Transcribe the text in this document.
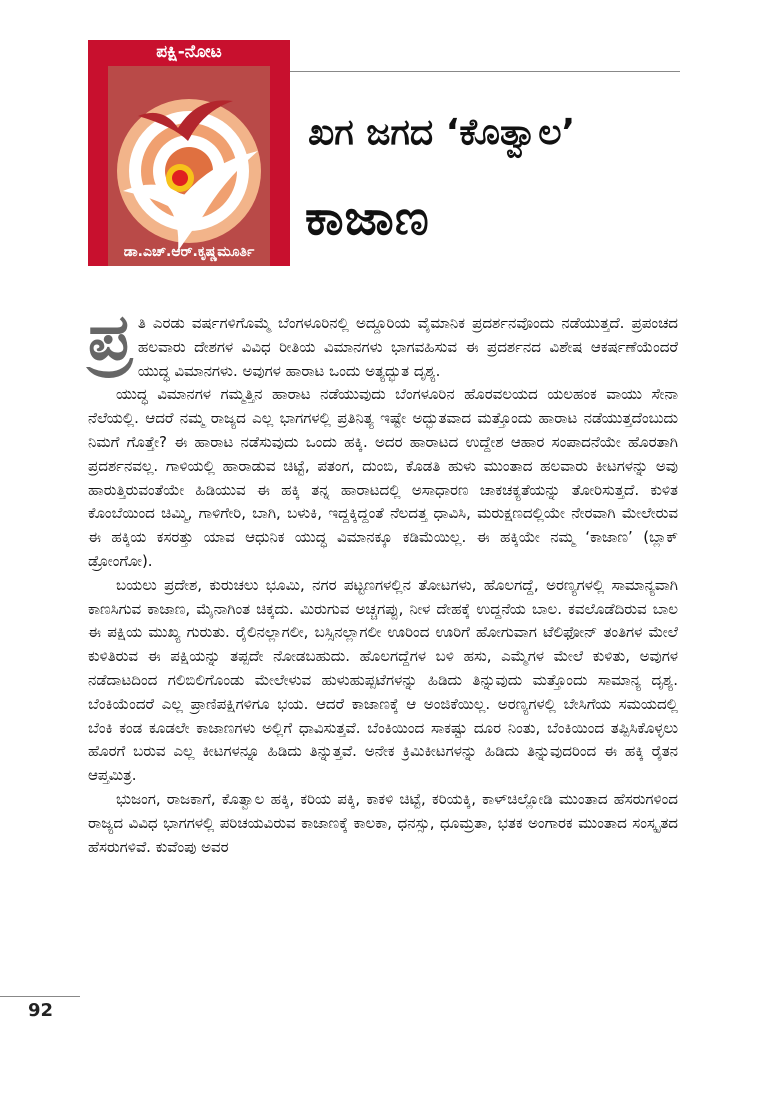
ಪಕ್ಷಿ-ನೋಟ
ಡಾ.ಎಚ್.ಆರ್.ಕೃಷ್ಣಮೂರ್ತಿ
ಖಗ ಜಗದ ‘ಕೊತ್ವಾಲ’
ಕಾಜಾಣ

ಪ್ರ ತಿ ಎರಡು ವರ್ಷಗಳಿಗೊಮ್ಮೆ ಬೆಂಗಳೂರಿನಲ್ಲಿ ಅದ್ದೂರಿಯ ವೈಮಾನಿಕ ಪ್ರದರ್ಶನವೊಂದು ನಡೆಯುತ್ತದೆ. ಪ್ರಪಂಚದ ಹಲವಾರು ದೇಶಗಳ ವಿವಿಧ ರೀತಿಯ ವಿಮಾನಗಳು ಭಾಗವಹಿಸುವ ಈ ಪ್ರದರ್ಶನದ ವಿಶೇಷ ಆಕರ್ಷಣೆಯೆಂದರೆ ಯುದ್ಧ ವಿಮಾನಗಳು. ಅವುಗಳ ಹಾರಾಟ ಒಂದು ಅತ್ಯದ್ಭುತ ದೃಶ್ಯ.

ಯುದ್ಧ ವಿಮಾನಗಳ ಗಮ್ಮತ್ತಿನ ಹಾರಾಟ ನಡೆಯುವುದು ಬೆಂಗಳೂರಿನ ಹೊರವಲಯದ ಯಲಹಂಕ ವಾಯು ಸೇನಾ ನೆಲೆಯಲ್ಲಿ. ಆದರೆ ನಮ್ಮ ರಾಜ್ಯದ ಎಲ್ಲ ಭಾಗಗಳಲ್ಲಿ ಪ್ರತಿನಿತ್ಯ ಇಷ್ಟೇ ಅದ್ಭುತವಾದ ಮತ್ತೊಂದು ಹಾರಾಟ ನಡೆಯುತ್ತದೆಂಬುದು ನಿಮಗೆ ಗೊತ್ತೇ? ಈ ಹಾರಾಟ ನಡೆಸುವುದು ಒಂದು ಹಕ್ಕಿ. ಅದರ ಹಾರಾಟದ ಉದ್ದೇಶ ಆಹಾರ ಸಂಪಾದನೆಯೇ ಹೊರತಾಗಿ ಪ್ರದರ್ಶನವಲ್ಲ. ಗಾಳಿಯಲ್ಲಿ ಹಾರಾಡುವ ಚಿಟ್ಟೆ, ಪತಂಗ, ದುಂಬಿ, ಕೊಡತಿ ಹುಳು ಮುಂತಾದ ಹಲವಾರು ಕೀಟಗಳನ್ನು ಅವು ಹಾರುತ್ತಿರುವಂತೆಯೇ ಹಿಡಿಯುವ ಈ ಹಕ್ಕಿ ತನ್ನ ಹಾರಾಟದಲ್ಲಿ ಅಸಾಧಾರಣ ಚಾಕಚಕ್ಯತೆಯನ್ನು ತೋರಿಸುತ್ತದೆ. ಕುಳಿತ ಕೊಂಬೆಯಿಂದ ಚಿಮ್ಮಿ, ಗಾಳಿಗೇರಿ, ಬಾಗಿ, ಬಳುಕಿ, ಇದ್ದಕ್ಕಿದ್ದಂತೆ ನೆಲದತ್ತ ಧಾವಿಸಿ, ಮರುಕ್ಷಣದಲ್ಲಿಯೇ ನೇರವಾಗಿ ಮೇಲೇರುವ ಈ ಹಕ್ಕಿಯ ಕಸರತ್ತು ಯಾವ ಆಧುನಿಕ ಯುದ್ಧ ವಿಮಾನಕ್ಕೂ ಕಡಿಮೆಯಿಲ್ಲ. ಈ ಹಕ್ಕಿಯೇ ನಮ್ಮ ‘ಕಾಜಾಣ’ (ಬ್ಲಾಕ್ ಡ್ರೋಂಗೋ).

ಬಯಲು ಪ್ರದೇಶ, ಕುರುಚಲು ಭೂಮಿ, ನಗರ ಪಟ್ಟಣಗಳಲ್ಲಿನ ತೋಟಗಳು, ಹೊಲಗದ್ದೆ, ಅರಣ್ಯಗಳಲ್ಲಿ ಸಾಮಾನ್ಯವಾಗಿ ಕಾಣಸಿಗುವ ಕಾಜಾಣ, ಮೈನಾಗಿಂತ ಚಿಕ್ಕದು. ಮಿರುಗುವ ಅಚ್ಚಗಪ್ಪು, ನೀಳ ದೇಹಕ್ಕೆ ಉದ್ದನೆಯ ಬಾಲ. ಕವಲೊಡೆದಿರುವ ಬಾಲ ಈ ಪಕ್ಷಿಯ ಮುಖ್ಯ ಗುರುತು. ರೈಲಿನಲ್ಲಾಗಲೀ, ಬಸ್ಸಿನಲ್ಲಾಗಲೀ ಊರಿಂದ ಊರಿಗೆ ಹೋಗುವಾಗ ಟೆಲಿಫೋನ್ ತಂತಿಗಳ ಮೇಲೆ ಕುಳಿತಿರುವ ಈ ಪಕ್ಷಿಯನ್ನು ತಪ್ಪದೇ ನೋಡಬಹುದು. ಹೊಲಗದ್ದೆಗಳ ಬಳಿ ಹಸು, ಎಮ್ಮೆಗಳ ಮೇಲೆ ಕುಳಿತು, ಅವುಗಳ ನಡೆದಾಟದಿಂದ ಗಲಿಬಿಲಿಗೊಂಡು ಮೇಲೇಳುವ ಹುಳುಹುಪ್ಪಟೆಗಳನ್ನು ಹಿಡಿದು ತಿನ್ನುವುದು ಮತ್ತೊಂದು ಸಾಮಾನ್ಯ ದೃಶ್ಯ. ಬೆಂಕಿಯೆಂದರೆ ಎಲ್ಲ ಪ್ರಾಣಿಪಕ್ಷಿಗಳಿಗೂ ಭಯ. ಆದರೆ ಕಾಜಾಣಕ್ಕೆ ಆ ಅಂಜಿಕೆಯಿಲ್ಲ. ಅರಣ್ಯಗಳಲ್ಲಿ ಬೇಸಿಗೆಯ ಸಮಯದಲ್ಲಿ ಬೆಂಕಿ ಕಂಡ ಕೂಡಲೇ ಕಾಜಾಣಗಳು ಅಲ್ಲಿಗೆ ಧಾವಿಸುತ್ತವೆ. ಬೆಂಕಿಯಿಂದ ಸಾಕಷ್ಟು ದೂರ ನಿಂತು, ಬೆಂಕಿಯಿಂದ ತಪ್ಪಿಸಿಕೊಳ್ಳಲು ಹೊರಗೆ ಬರುವ ಎಲ್ಲ ಕೀಟಗಳನ್ನೂ ಹಿಡಿದು ತಿನ್ನುತ್ತವೆ. ಅನೇಕ ಕ್ರಿಮಿಕೀಟಗಳನ್ನು ಹಿಡಿದು ತಿನ್ನುವುದರಿಂದ ಈ ಹಕ್ಕಿ ರೈತನ ಆಪ್ತಮಿತ್ರ.

ಭುಜಂಗ, ರಾಜಕಾಗೆ, ಕೊತ್ವಾಲ ಹಕ್ಕಿ, ಕರಿಯ ಪಕ್ಕಿ, ಕಾಕಳಿ ಚಿಟ್ಟೆ, ಕರಿಯಕ್ಕಿ, ಕಾಳ್‌ಚಿಲ್ಲೋಡಿ ಮುಂತಾದ ಹೆಸರುಗಳಿಂದ ರಾಜ್ಯದ ವಿವಿಧ ಭಾಗಗಳಲ್ಲಿ ಪರಿಚಯವಿರುವ ಕಾಜಾಣಕ್ಕೆ ಕಾಲಕಾ, ಧನಸ್ಸು, ಧೂಮ್ರತಾ, ಭತಕ ಅಂಗಾರಕ ಮುಂತಾದ ಸಂಸ್ಕೃತದ ಹೆಸರುಗಳಿವೆ. ಕುವೆಂಪು ಅವರ

92
